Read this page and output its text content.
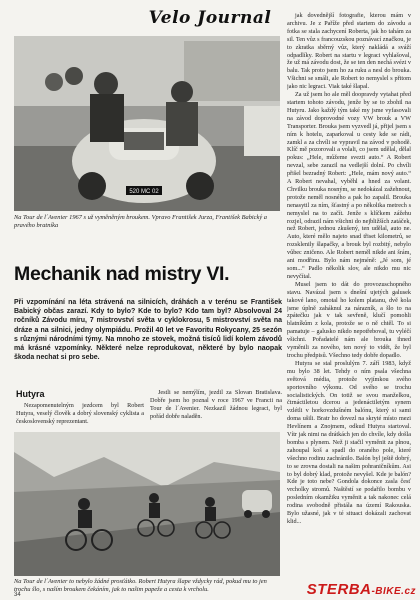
Velo Journal
520 MC 02
Na Tour de l´Avenier 1967 s už vyměněným broukem. Vpravo František Jurza, František Babický a pravého bratníka
Mechanik nad mistry VI.
Při vzpomínání na léta strávená na silnicích, dráhách a v terénu se František Babický občas zarazí. Kdy to bylo? Kde to bylo? Kdo tam byl? Absolvoval 24 ročníků Závodu míru, 7 mistrovství světa v cyklokrosu, 5 mistrovství světa na dráze a na silnici, jedny olympiádu. Prožil 40 let ve Favoritu Rokycany, 25 sezón s různými národními týmy. Na mnoho ze stovek, možná tisíců lidí kolem závodů má krásné vzpomínky. Některé nelze reprodukovat, některé by bylo naopak škoda nechat si pro sebe.
Hutyra

Nezapomenutelným jezdcem byl Robert Hutyra, veselý člověk a dobrý slovenský cyklista a československý reprezentant.

Jestli se nemýlím, jezdil za Slovan Bratislava. Dobře jsem ho poznal v roce 1967 ve Francii na Tour de l´Avenier. Nezkazil žádnou legraci, byl pořád dobře naladěn.

Na Tour de l´Avenier to nebylo žádné prosťátko. Robert Hutyra šlape vždycky rád, pokud mu to jen trochu šlo, s naším broukem čekáním, jak to našim papeže a cesta k vrcholu.

jak dovednější fotografie, kterou mám v archivu. Je z Paříže před startem do závodu a fotka se stala zachycení Roberta, jak ho tahám za sil. Ten vůz s francouzskou poznávací značkou, je to zkratka sběrný vůz, který nakládá a sváží odpadlíky. Robert na startu v legraci vyhlašoval, že už má závodu dost, že se ten den nechá svézt v balu. Tak proto jsem ho za ruku a nesl do brouka. Všichni se smáli, ale Robert to nemyslel s přitom jako nic legraci. Viak také šlapal.

Za už jsem ho ale měl doopravdy vytahat před startem tohoto závodu, jenže by se to zbohil na Hutyru. Jako každý tým také my jsme vyfasovali na závod doprovodné vozy VW brouk a VW Transporter. Brouka jsem vyzvedl já, přijel jsem s ním k hotelu, zaparkoval u cesty kde se rádi, zamkl a za chvíli se vypravil na závod v pohodě. Klíč mě pozorovali a volali, co jsem udělal, dělal pokus: „Hele, můžeme svezti auto.“ A Robert nevzal, sebe zarazil na vedlejší dolní. Po chvíli přišel bezradný Robert: „Hele, mám nový auto.“ A Robert nevahal, vyběhl a hned za volant. Chvilku brouka nosným, se nedokázal zažehnout, protože neměl nosného a pak ho zapalil. Brouka nenasytil za ním, šťastný a po několika metrech s nemyslel na to začít. Jenže s klíčkem zážehu rozjel, odrazil nám všichni do nejbližších zatáček, než Robert, jednou zkušený, ten udělal, auto ne. Auto, které mělo najeto snad třiset kilometrů, se rozsklenily šlapačky, a brouk byl rozbitý, nebylo vůbec zničeno. Ale Robert neměl nikde ani šrám, ani modřinu. Bylo nám nejméně: „Jé som, jé som...“ Padlo několik slov, ale nikdo mu nic nevyčítal.

Musel jsem to dát do provozuschopného stavu. Navázal jsem s dnešní ujetých galusek takové lano, omotal ho kolem platanu, dvě kola jsme úplně zaháknul za nárazník, a šlo to na zpátečku jak v tak sevřeně, klučí pomohli blatníkům z kola, protože se o ně chtěl. To si pamatuje – galusko nikdo nepotřeboval, tu vyléčí všichni. Pořadatelé nám ale brouka ihned vyměnili za nového, ten nový to vidět, že byl trochu předpisů. Všechno tedy dobře dopadlo.

Hutyra se stal proslulým 7. září 1983, když mu bylo 38 let. Tehdy o ním psala všechna světová média, protože vyjímkou svého sportovního výkonu. Od svého se trochu socialistických. On totiž se svou manželkou, čtrnáctiletou dcerou a jedenáctiletým synem vzlétli v horkovzdušném balónu, který si sami doma ušili. Bratr ho dovezl na skryté místo mezi Hevlínem a Znojmem, odkud Hutyra startoval. Vítr jak nimi na drátkách jen do chvíle, kdy došla bomba s plynem. Než ji stačil vyměnit za plnou, zahoupal koš a spadl do oraného pole, které všechno rodinu zachránilo. Balón byl ještě dobrý, to se zrovna dostali na našim pohraničníkům. Asi to byl dobrý klad, protože nevyšel. Kde je balón? Kde je toto nebe? Gondola dokonce zasla česť vrcholky stromů. Naštěstí se podařilo bombu v posledním okamžiku vyměnit a tak nakonec celá rodina svobodně přistála na území Rakouska. Bylo užasné, jak v té situaci dokázali zachovat klid...

34	STERBA-BIKE.cz
